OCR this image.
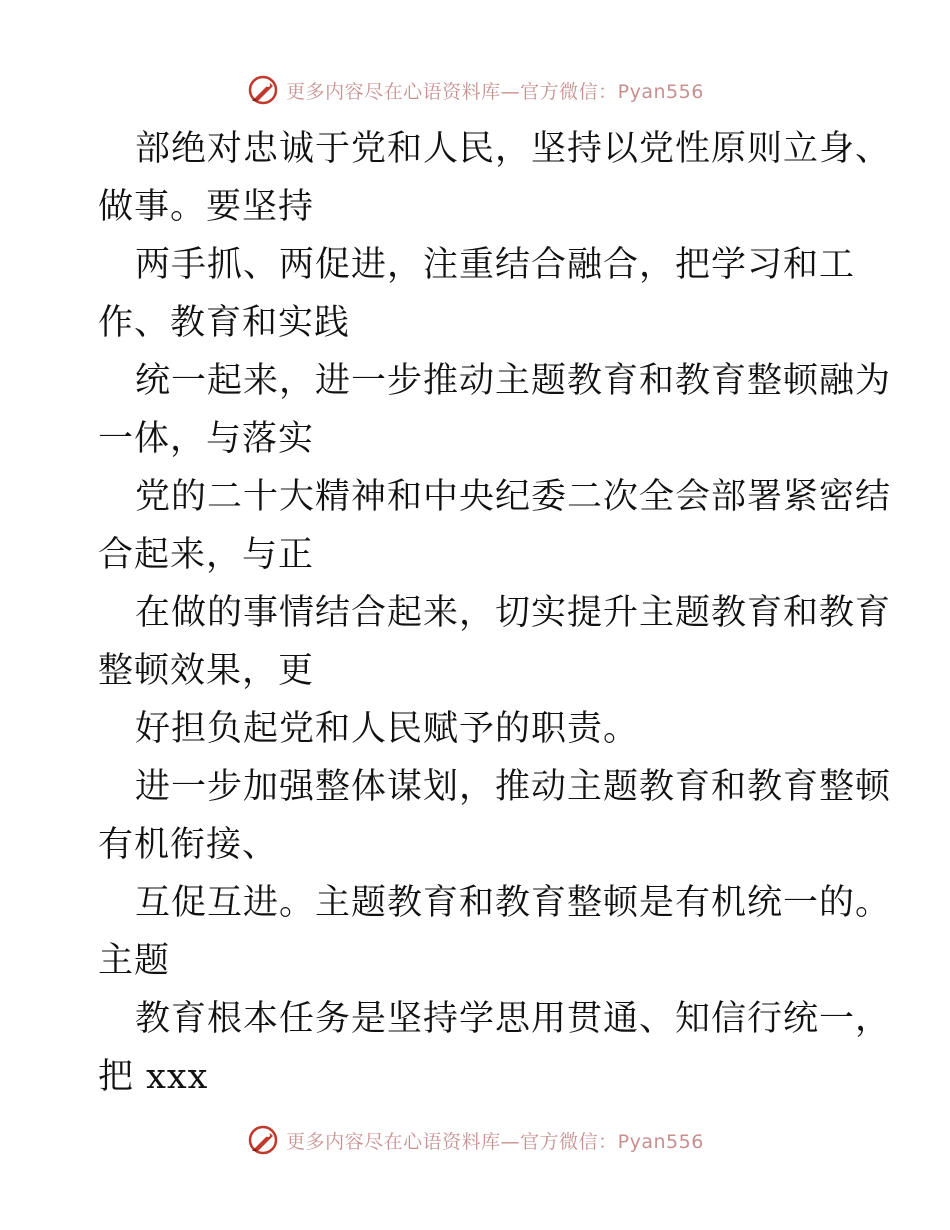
更多内容尽在心语资料库—官方微信：Pyan556
部绝对忠诚于党和人民，坚持以党性原则立身、
做事。要坚持
两手抓、两促进，注重结合融合，把学习和工
作、教育和实践
统一起来，进一步推动主题教育和教育整顿融为
一体，与落实
党的二十大精神和中央纪委二次全会部署紧密结
合起来，与正
在做的事情结合起来，切实提升主题教育和教育
整顿效果，更
好担负起党和人民赋予的职责。
进一步加强整体谋划，推动主题教育和教育整顿
有机衔接、
互促互进。主题教育和教育整顿是有机统一的。
主题
教育根本任务是坚持学思用贯通、知信行统一，
把 xxx
更多内容尽在心语资料库—官方微信：Pyan556
